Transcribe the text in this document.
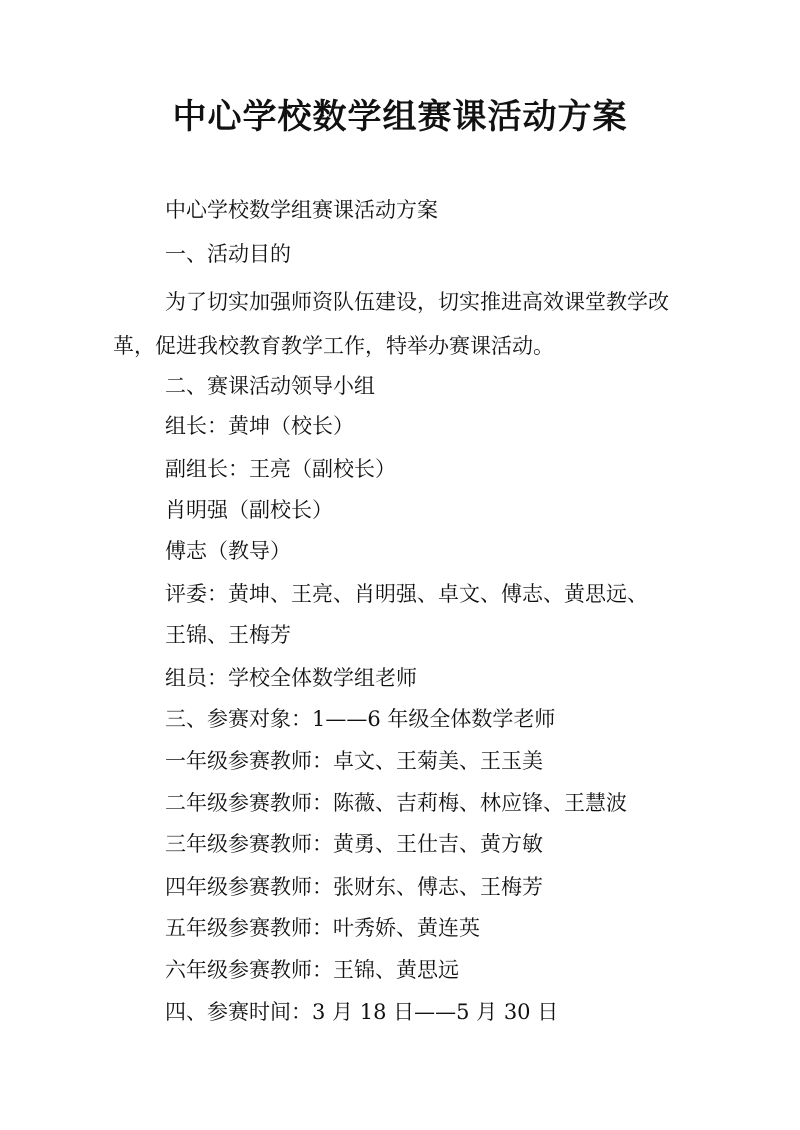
中心学校数学组赛课活动方案
中心学校数学组赛课活动方案
一、活动目的
为了切实加强师资队伍建设，切实推进高效课堂教学改
革，促进我校教育教学工作，特举办赛课活动。
二、赛课活动领导小组
组长：黄坤（校长）
副组长：王亮（副校长）
肖明强（副校长）
傅志（教导）
评委：黄坤、王亮、肖明强、卓文、傅志、黄思远、
王锦、王梅芳
组员：学校全体数学组老师
三、参赛对象：1——6 年级全体数学老师
一年级参赛教师：卓文、王菊美、王玉美
二年级参赛教师：陈薇、吉莉梅、林应锋、王慧波
三年级参赛教师：黄勇、王仕吉、黄方敏
四年级参赛教师：张财东、傅志、王梅芳
五年级参赛教师：叶秀娇、黄连英
六年级参赛教师：王锦、黄思远
四、参赛时间：3 月 18 日——5 月 30 日
